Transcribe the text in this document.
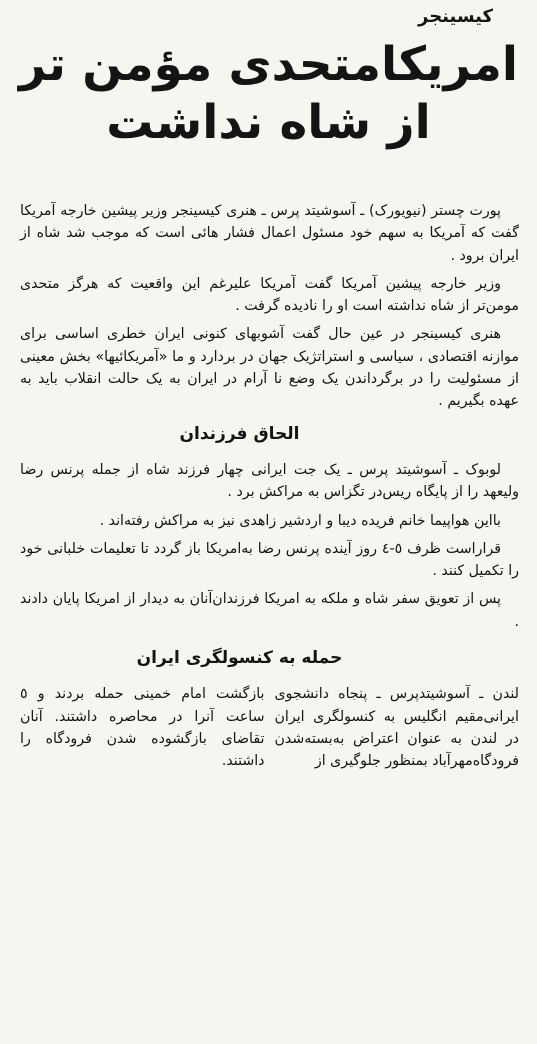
کیسینجر
امریکامتحدی مؤمن تر
از شاه نداشت

پورت چستر (نیویورک) ـ آسوشیتد پرس ـ هنری کیسینجر وزیر پیشین خارجه آمریکا گفت که آمریکا به سهم خود مسئول اعمال فشار هائی است که موجب شد شاه از ایران برود .

وزیر خارجه پیشین آمریکا گفت آمریکا علیرغم این واقعیت که هرگز متحدی مومن‌تر از شاه نداشته است او را نادیده گرفت .

هنری کیسینجر در عین حال گفت آشوبهای کنونی ایران خطری اساسی برای موازنه اقتصادی ، سیاسی و استراتژیک جهان در بردارد و ما «آمریکائیها» بخش معینی از مسئولیت را در برگرداندن یک وضع نا آرام در ایران به یک حالت انقلاب باید به عهده بگیریم .

الحاق فرزندان

لوبوک ـ آسوشیتد پرس ـ یک جت ایرانی چهار فرزند شاه از جمله پرنس رضا ولیعهد را از پایگاه ریس‌در تگزاس به مراکش برد .

بااین هواپیما خانم فریده دیبا و اردشیر زاهدی نیز به مراکش رفته‌اند .

قراراست ظرف ٥-٤ روز آینده پرنس رضا به‌امریکا باز گردد تا تعلیمات خلبانی خود را تکمیل کنند .

پس از تعویق سفر شاه و ملکه به امریکا فرزندان‌آنان به دیدار از امریکا پایان دادند .

حمله به کنسولگری ایران

لندن ـ آسوشیتدپرس ـ پنجاه دانشجوی ایرانی‌مقیم انگلیس به کنسولگری ایران در لندن به عنوان اعتراض به‌بسته‌شدن فرودگاه‌مهرآباد بمنظور جلوگیری از

بازگشت امام خمینی حمله بردند و ٥ ساعت آنرا در محاصره داشتند. آنان تقاضای بازگشوده شدن فرودگاه را داشتند.
